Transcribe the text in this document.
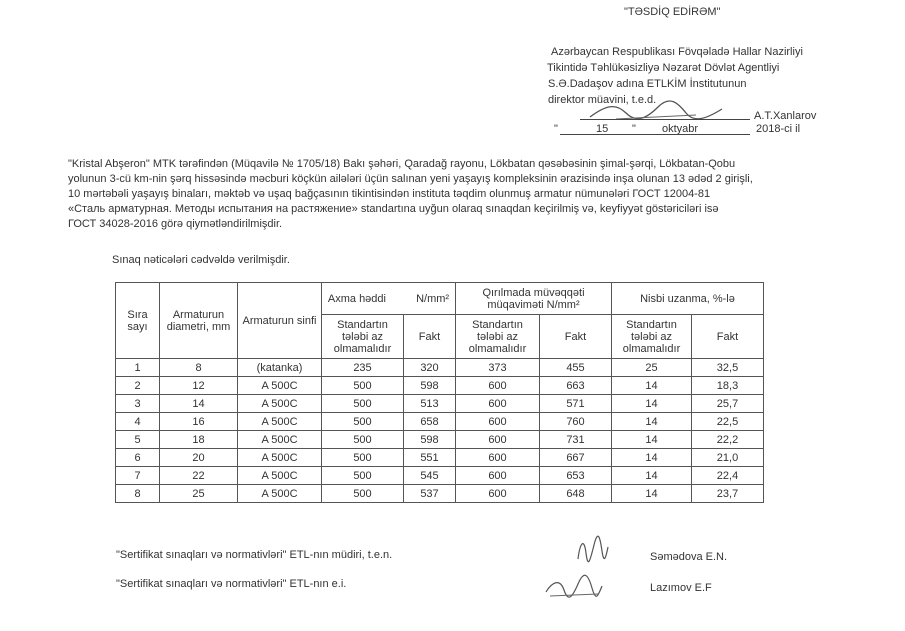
"TƏSDİQ EDİRƏM"
Azərbaycan Respublikası Fövqəladə Hallar Nazirliyi
Tikintidə Təhlükəsizliyə Nəzarət Dövlət Agentliyi
S.Ə.Dadaşov adına ETLKİM İnstitutunun
direktor müavini, t.e.d.
A.T.Xanlarov
"	15 " oktyabr	2018-ci il
"Kristal Abşeron" MTK tərəfindən (Müqavilə № 1705/18) Bakı şəhəri, Qaradağ rayonu, Lökbatan qəsəbəsinin şimal-şərqi, Lökbatan-Qobu
yolunun 3-cü km-nin şərq hissəsində məcburi köçkün ailələri üçün salınan yeni yaşayış kompleksinin ərazisində inşa olunan 13 ədəd 2 girişli,
10 mərtəbəli yaşayış binaları, məktəb və uşaq bağçasının tikintisindən instituta təqdim olunmuş armatur nümunələri ГОСТ 12004-81
«Сталь арматурная. Методы испытания на растяжение» standartına uyğun olaraq sınaqdan keçirilmiş və, keyfiyyət göstəriciləri isə
ГОСТ 34028-2016 görə qiymətləndirilmişdir.
Sınaq nəticələri cədvəldə verilmişdir.
Sıra sayı	Armaturun diametri, mm	Armaturun sinfi	Axma həddi N/mm²		Qırılmada müvəqqəti müqaviməti N/mm²		Nisbi uzanma, %-lə	
			Standartın tələbi az olmamalıdır	Fakt	Standartın tələbi az olmamalıdır	Fakt	Standartın tələbi az olmamalıdır	Fakt
1	8	(katanka)	235	320	373	455	25	32,5
2	12	A 500C	500	598	600	663	14	18,3
3	14	A 500C	500	513	600	571	14	25,7
4	16	A 500C	500	658	600	760	14	22,5
5	18	A 500C	500	598	600	731	14	22,2
6	20	A 500C	500	551	600	667	14	21,0
7	22	A 500C	500	545	600	653	14	22,4
8	25	A 500C	500	537	600	648	14	23,7
"Sertifikat sınaqları və normativləri" ETL-nın müdiri, t.e.n.	Səmədova E.N.
"Sertifikat sınaqları və normativləri" ETL-nın e.i.	Lazımov E.F
